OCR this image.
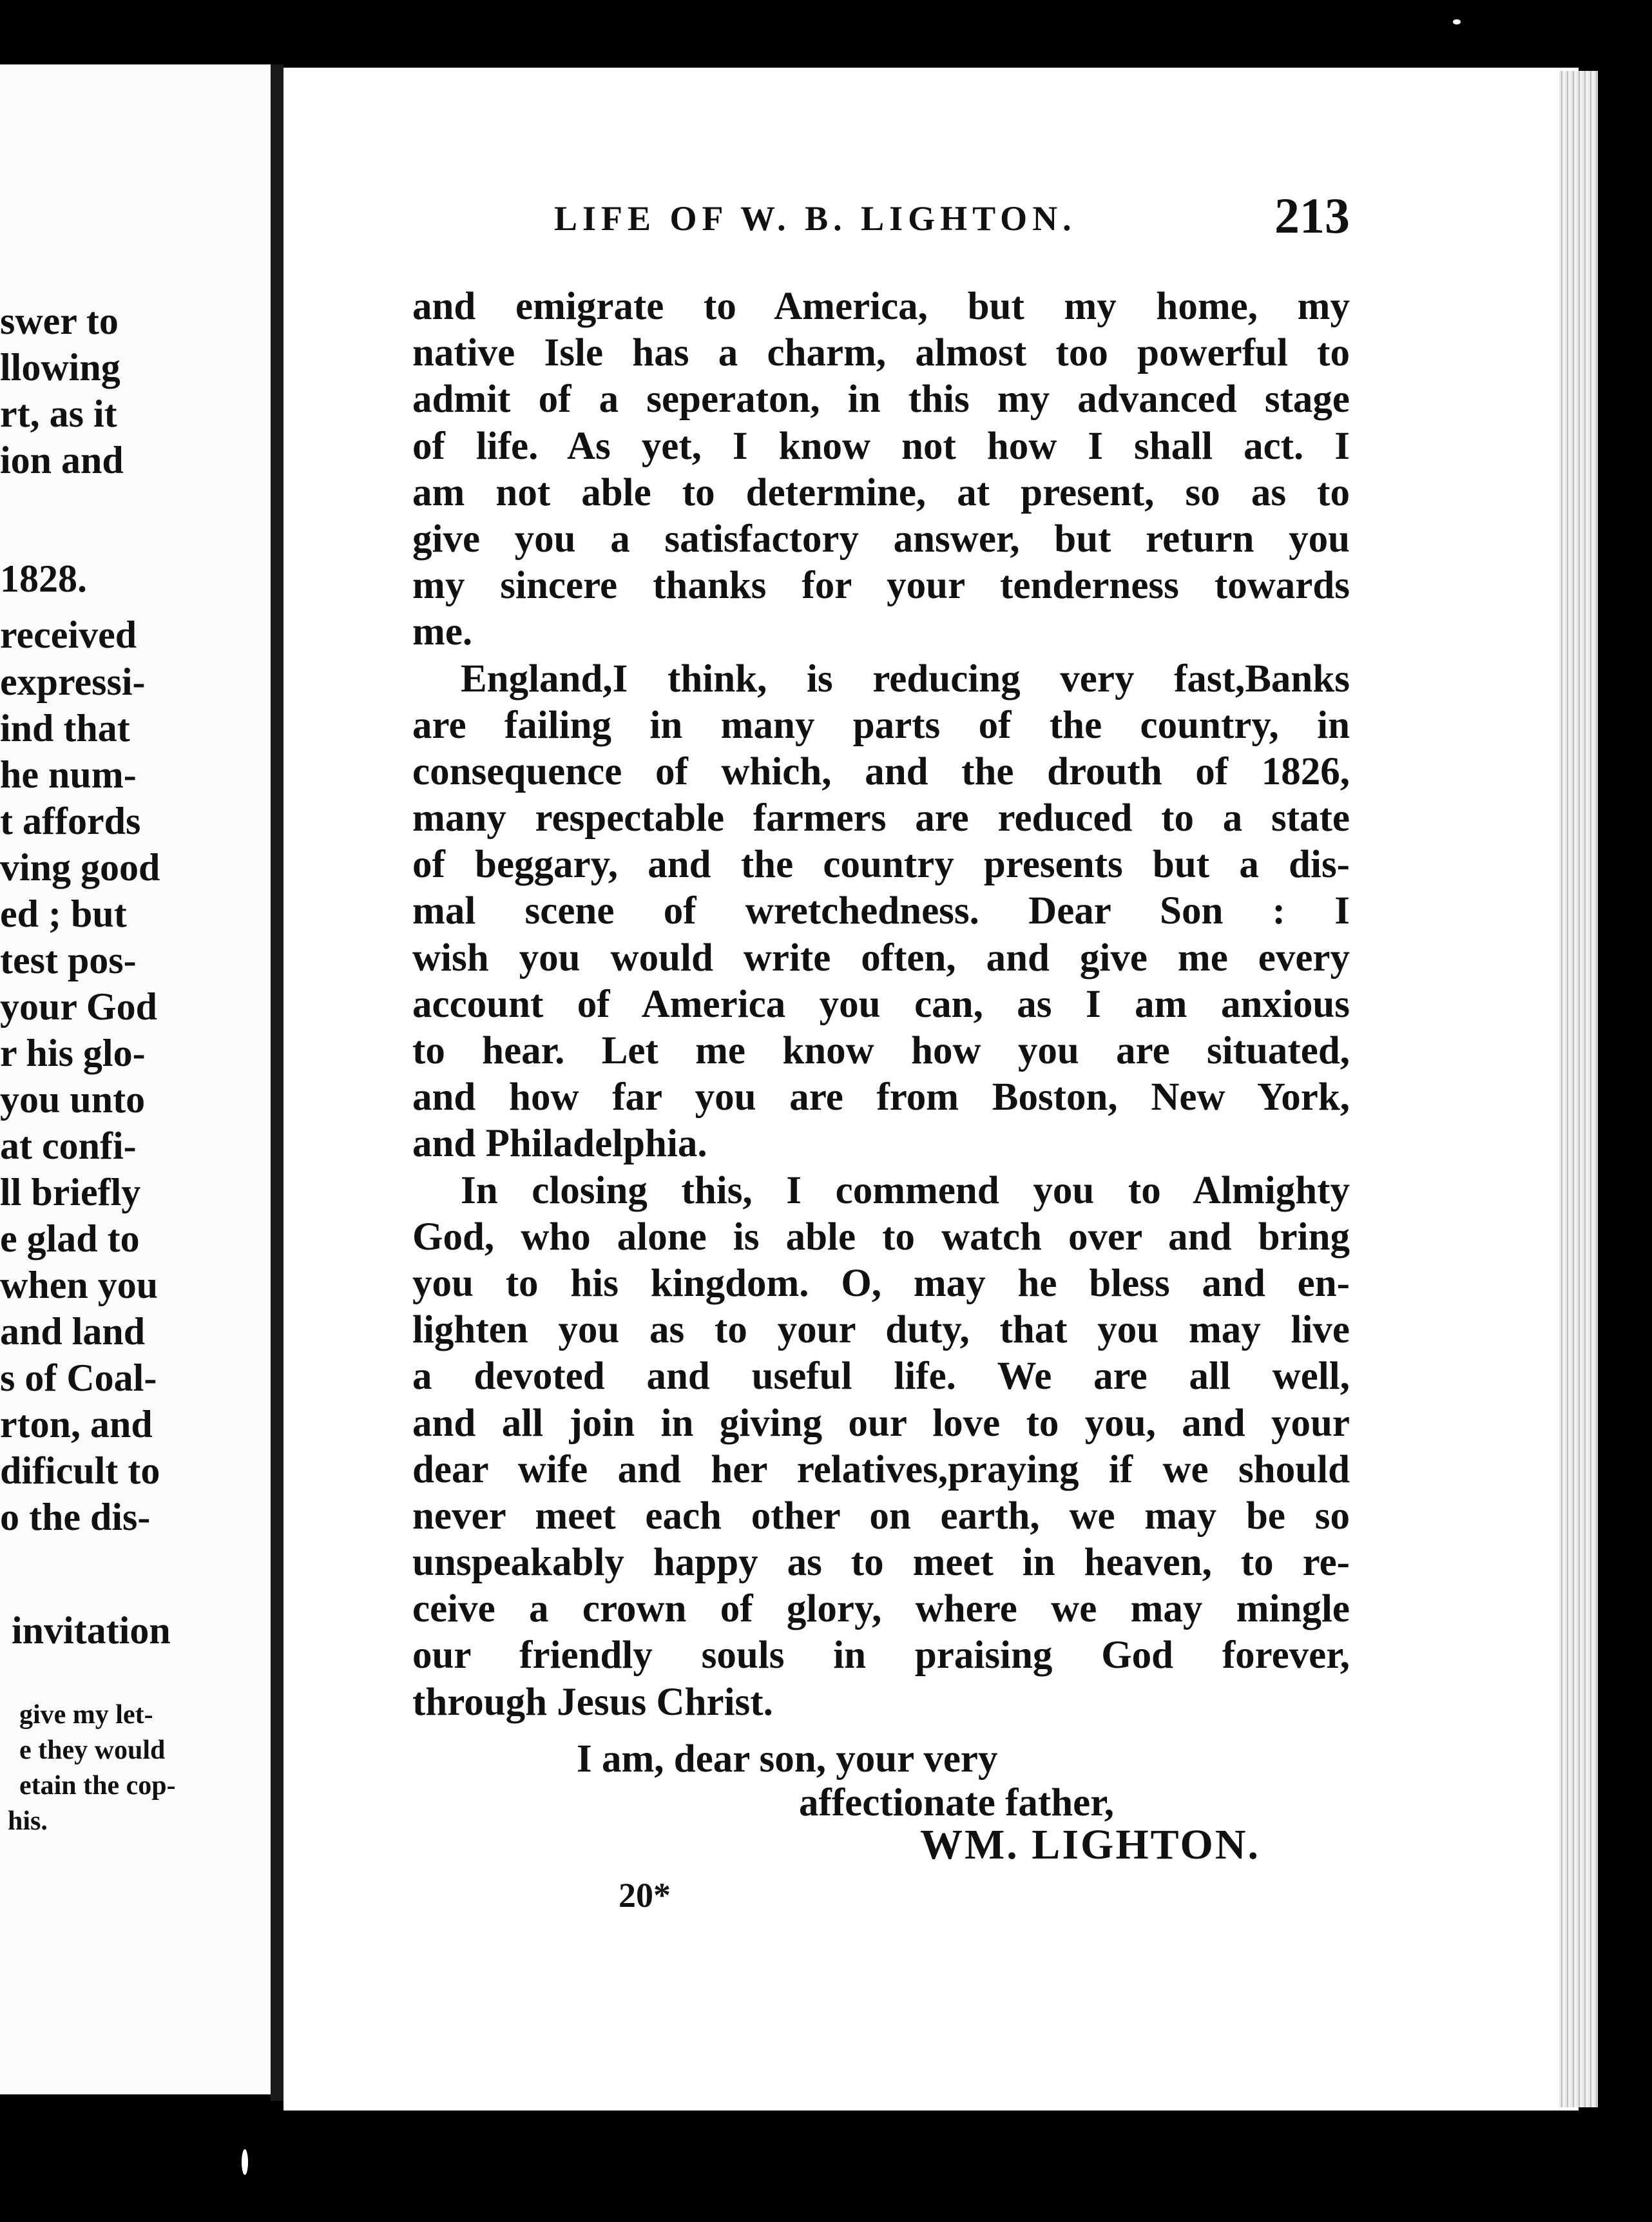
swer to
llowing
rt, as it
ion and
1828.
received
expressi-
ind that
he num-
t affords
ving good
ed ; but
test pos-
your God
r his glo-
you unto
at confi-
ll briefly
e glad to
when you
and land
s of Coal-
rton, and
dificult to
o the dis-
invitation
give my let-
e they would
etain the cop-
his.
LIFE OF W. B. LIGHTON.	213
and emigrate to America, but my home, my
native Isle has a charm, almost too powerful to
admit of a seperaton, in this my advanced stage
of life. As yet, I know not how I shall act. I
am not able to determine, at present, so as to
give you a satisfactory answer, but return you
my sincere thanks for your tenderness towards
me.
England,I think, is reducing very fast,Banks
are failing in many parts of the country, in
consequence of which, and the drouth of 1826,
many respectable farmers are reduced to a state
of beggary, and the country presents but a dis-
mal scene of wretchedness. Dear Son : I
wish you would write often, and give me every
account of America you can, as I am anxious
to hear. Let me know how you are situated,
and how far you are from Boston, New York,
and Philadelphia.
In closing this, I commend you to Almighty
God, who alone is able to watch over and bring
you to his kingdom. O, may he bless and en-
lighten you as to your duty, that you may live
a devoted and useful life. We are all well,
and all join in giving our love to you, and your
dear wife and her relatives,praying if we should
never meet each other on earth, we may be so
unspeakably happy as to meet in heaven, to re-
ceive a crown of glory, where we may mingle
our friendly souls in praising God forever,
through Jesus Christ.
I am, dear son, your very
affectionate father,
WM. LIGHTON.
20*
